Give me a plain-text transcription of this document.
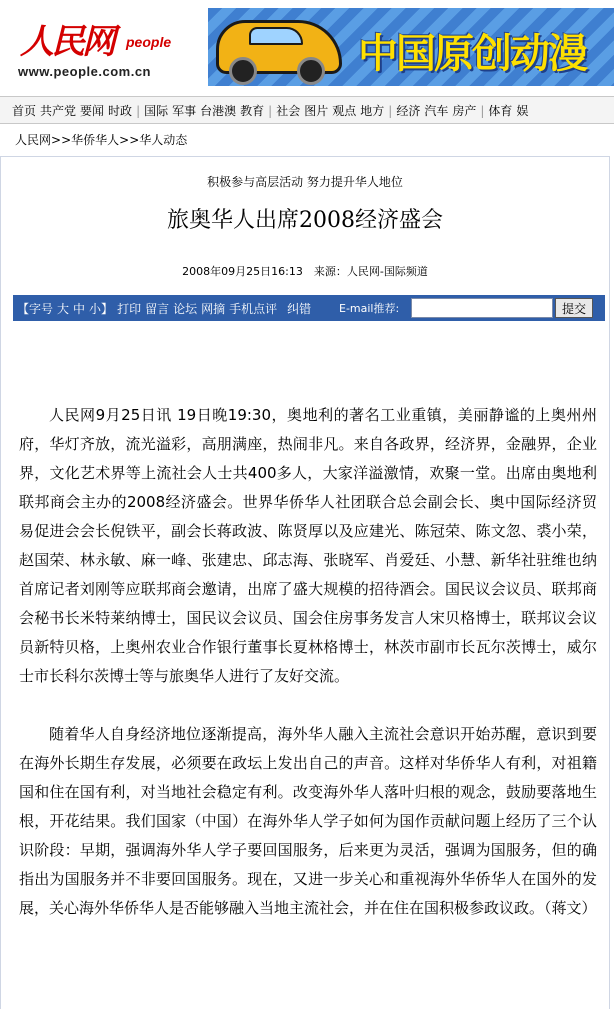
人民网 people
www.people.com.cn	中国原创动漫
首页 共产党 要闻 时政 | 国际 军事 台港澳 教育 | 社会 图片 观点 地方 | 经济 汽车 房产 | 体育 娱
人民网>>华侨华人>>华人动态
积极参与高层活动 努力提升华人地位
旅奥华人出席2008经济盛会
2008年09月25日16:13　来源：人民网-国际频道
【字号 大 中 小】 打印 留言 论坛 网摘 手机点评 纠错	E-mail推荐:	提交

人民网9月25日讯 19日晚19:30，奥地利的著名工业重镇，美丽静谧的上奥州州府，华灯齐放，流光溢彩，高朋满座，热闹非凡。来自各政界，经济界，金融界，企业界，文化艺术界等上流社会人士共400多人，大家洋溢激情，欢聚一堂。出席由奥地利联邦商会主办的2008经济盛会。世界华侨华人社团联合总会副会长、奥中国际经济贸易促进会会长倪铁平，副会长蒋政波、陈贤厚以及应建光、陈冠荣、陈文忽、裘小荣，赵国荣、林永敏、麻一峰、张建忠、邱志海、张晓军、肖爱廷、小慧、新华社驻维也纳首席记者刘刚等应联邦商会邀请，出席了盛大规模的招待酒会。国民议会议员、联邦商会秘书长米特莱纳博士，国民议会议员、国会住房事务发言人宋贝格博士，联邦议会议员新特贝格，上奥州农业合作银行董事长夏林格博士，林茨市副市长瓦尔茨博士，威尔士市长科尔茨博士等与旅奥华人进行了友好交流。

随着华人自身经济地位逐渐提高，海外华人融入主流社会意识开始苏醒，意识到要在海外长期生存发展，必须要在政坛上发出自己的声音。这样对华侨华人有利，对祖籍国和住在国有利，对当地社会稳定有利。改变海外华人落叶归根的观念，鼓励要落地生根，开花结果。我们国家（中国）在海外华人学子如何为国作贡献问题上经历了三个认识阶段：早期，强调海外华人学子要回国服务，后来更为灵活，强调为国服务，但的确指出为国服务并不非要回国服务。现在，又进一步关心和重视海外华侨华人在国外的发展，关心海外华侨华人是否能够融入当地主流社会，并在住在国积极参政议政。（蒋文）
